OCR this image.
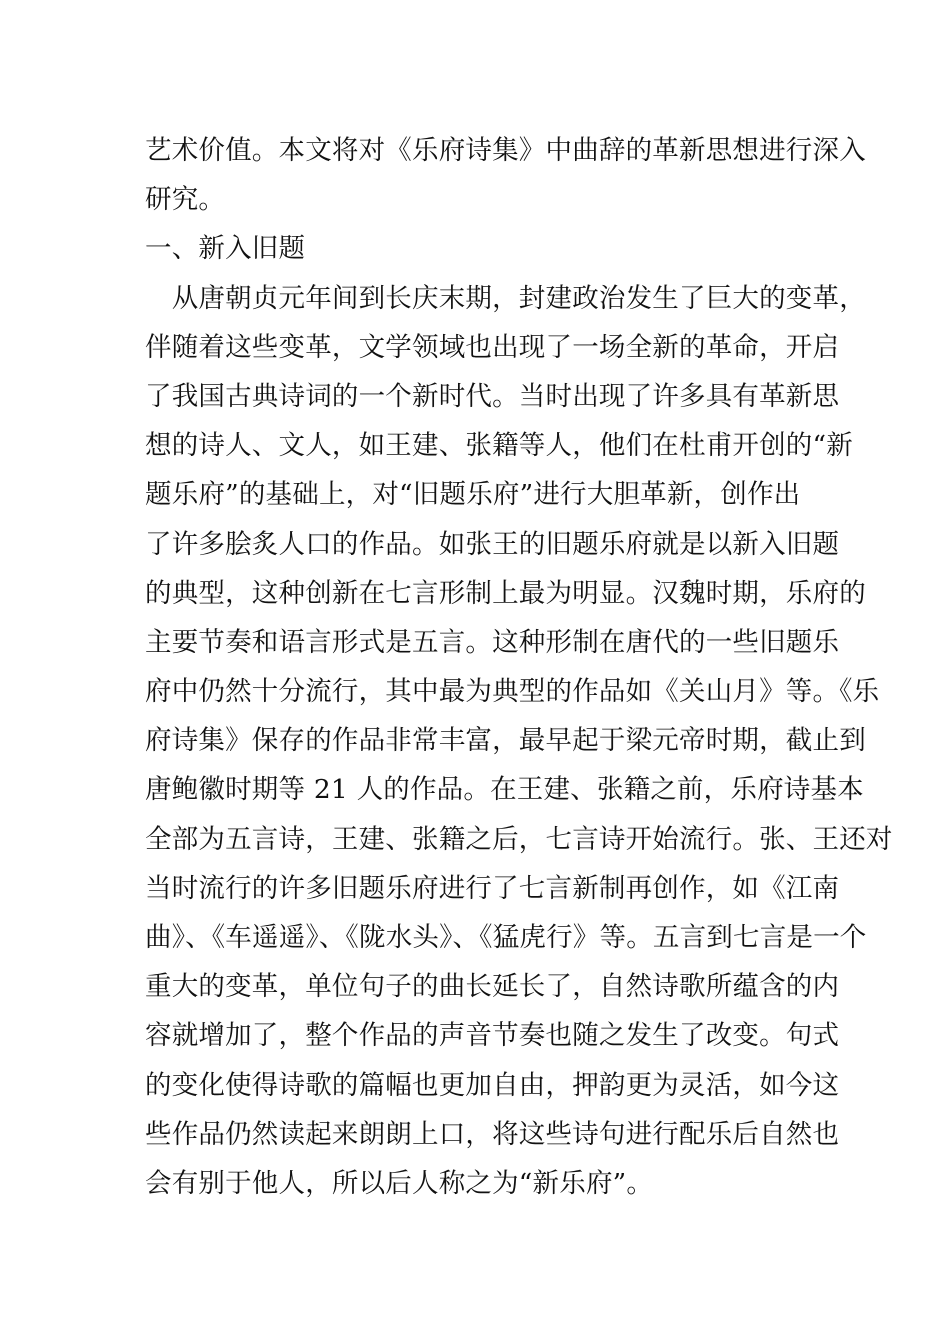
艺术价值。本文将对《乐府诗集》中曲辞的革新思想进行深入
研究。
一、新入旧题
　从唐朝贞元年间到长庆末期，封建政治发生了巨大的变革，
伴随着这些变革，文学领域也出现了一场全新的革命，开启
了我国古典诗词的一个新时代。当时出现了许多具有革新思
想的诗人、文人，如王建、张籍等人，他们在杜甫开创的“新
题乐府”的基础上，对“旧题乐府”进行大胆革新，创作出
了许多脍炙人口的作品。如张王的旧题乐府就是以新入旧题
的典型，这种创新在七言形制上最为明显。汉魏时期，乐府的
主要节奏和语言形式是五言。这种形制在唐代的一些旧题乐
府中仍然十分流行，其中最为典型的作品如《关山月》等。《乐
府诗集》保存的作品非常丰富，最早起于梁元帝时期，截止到
唐鲍徽时期等 21 人的作品。在王建、张籍之前，乐府诗基本
全部为五言诗，王建、张籍之后，七言诗开始流行。张、王还对
当时流行的许多旧题乐府进行了七言新制再创作，如《江南
曲》、《车遥遥》、《陇水头》、《猛虎行》等。五言到七言是一个
重大的变革，单位句子的曲长延长了，自然诗歌所蕴含的内
容就增加了，整个作品的声音节奏也随之发生了改变。句式
的变化使得诗歌的篇幅也更加自由，押韵更为灵活，如今这
些作品仍然读起来朗朗上口，将这些诗句进行配乐后自然也
会有别于他人，所以后人称之为“新乐府”。
